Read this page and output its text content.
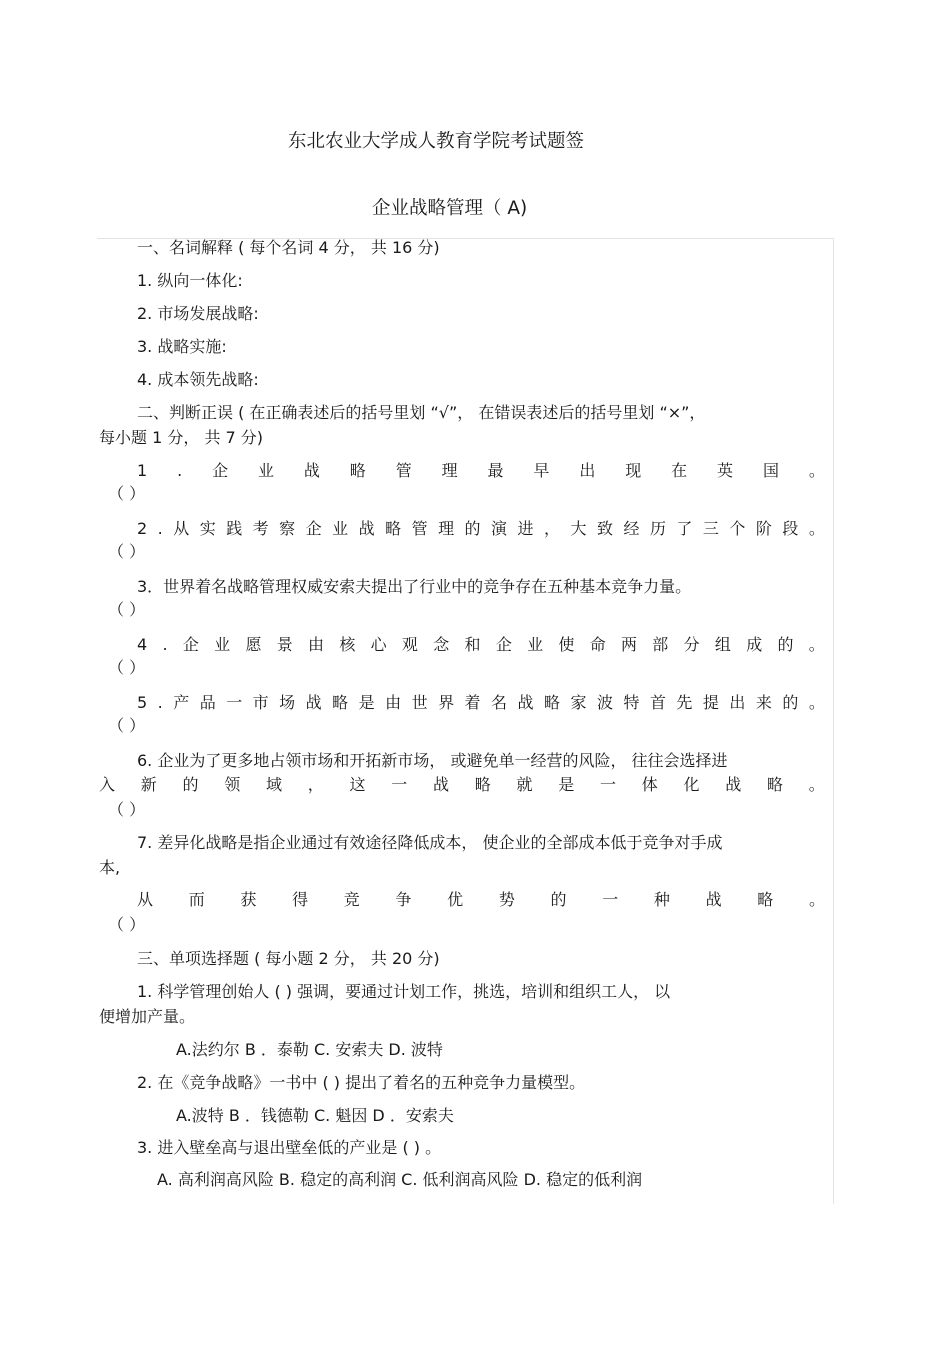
东北农业大学成人教育学院考试题签
企业战略管理（ A)
一、名词解释 ( 每个名词 4 分， 共 16 分)
1. 纵向一体化:
2. 市场发展战略:
3. 战略实施:
4. 成本领先战略:
二、判断正误 ( 在正确表述后的括号里划 “√”， 在错误表述后的括号里划 “×”，
每小题 1 分， 共 7 分)
1 . 企 业 战 略 管 理 最 早 出 现 在 英 国 。
（ ）
2 . 从 实 践 考 察 企 业 战 略 管 理 的 演 进 ， 大 致 经 历 了 三 个 阶 段 。
（ ）
3．世界着名战略管理权威安索夫提出了行业中的竞争存在五种基本竞争力量。
（ ）
4 . 企 业 愿 景 由 核 心 观 念 和 企 业 使 命 两 部 分 组 成 的 。
（ ）
5 . 产 品 一 市 场 战 略 是 由 世 界 着 名 战 略 家 波 特 首 先 提 出 来 的 。
（ ）
6. 企业为了更多地占领市场和开拓新市场， 或避免单一经营的风险， 往往会选择进
入 新 的 领 域 ， 这 一 战 略 就 是 一 体 化 战 略 。
（ ）
7. 差异化战略是指企业通过有效途径降低成本， 使企业的全部成本低于竞争对手成
本,
从 而 获 得 竞 争 优 势 的 一 种 战 略 。
（ ）
三、单项选择题 ( 每小题 2 分， 共 20 分)
1. 科学管理创始人 ( ) 强调，要通过计划工作，挑选，培训和组织工人， 以
便增加产量。
A.法约尔 B ．泰勒 C. 安索夫 D. 波特
2. 在《竞争战略》一书中 ( ) 提出了着名的五种竞争力量模型。
A.波特 B ．钱德勒 C. 魁因 D ．安索夫
3. 进入壁垒高与退出壁垒低的产业是 ( ) 。
A. 高利润高风险 B. 稳定的高利润 C. 低利润高风险 D. 稳定的低利润
